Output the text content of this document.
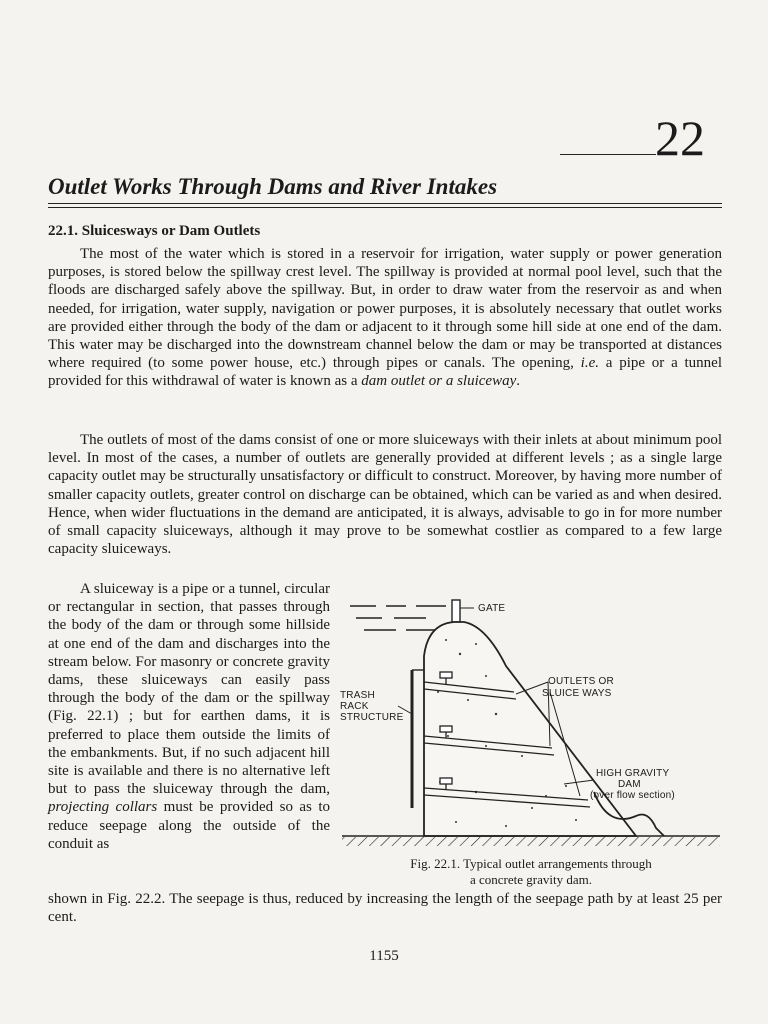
22
Outlet Works Through Dams and River Intakes
22.1. Sluicesways or Dam Outlets

The most of the water which is stored in a reservoir for irrigation, water supply or power generation purposes, is stored below the spillway crest level. The spillway is provided at normal pool level, such that the floods are discharged safely above the spillway. But, in order to draw water from the reservoir as and when needed, for irrigation, water supply, navigation or power purposes, it is absolutely necessary that outlet works are provided either through the body of the dam or adjacent to it through some hill side at one end of the dam. This water may be discharged into the downstream channel below the dam or may be transported at distances where required (to some power house, etc.) through pipes or canals. The opening, i.e. a pipe or a tunnel provided for this withdrawal of water is known as a dam outlet or a sluiceway.

The outlets of most of the dams consist of one or more sluiceways with their inlets at about minimum pool level. In most of the cases, a number of outlets are generally provided at different levels ; as a single large capacity outlet may be structurally unsatisfactory or difficult to construct. Moreover, by having more number of smaller capacity outlets, greater control on discharge can be obtained, which can be varied as and when desired. Hence, when wider fluctuations in the demand are anticipated, it is always, advisable to go in for more number of small capacity sluiceways, although it may prove to be somewhat costlier as compared to a few large capacity sluiceways.

A sluiceway is a pipe or a tunnel, circular or rectangular in section, that passes through the body of the dam or through some hillside at one end of the dam and discharges into the stream below. For masonry or concrete gravity dams, these sluiceways can easily pass through the body of the dam or the spillway (Fig. 22.1) ; but for earthen dams, it is preferred to place them outside the limits of the embankments. But, if no such adjacent hill site is available and there is no alternative left but to pass the sluiceway through the dam, projecting collars must be provided so as to reduce seepage along the outside of the conduit as

GATE
OUTLETS OR
SLUICE WAYS
TRASH
RACK
STRUCTURE
HIGH GRAVITY
DAM
(over flow section)

Fig. 22.1. Typical outlet arrangements through
a concrete gravity dam.

shown in Fig. 22.2. The seepage is thus, reduced by increasing the length of the seepage path by at least 25 per cent.

1155
